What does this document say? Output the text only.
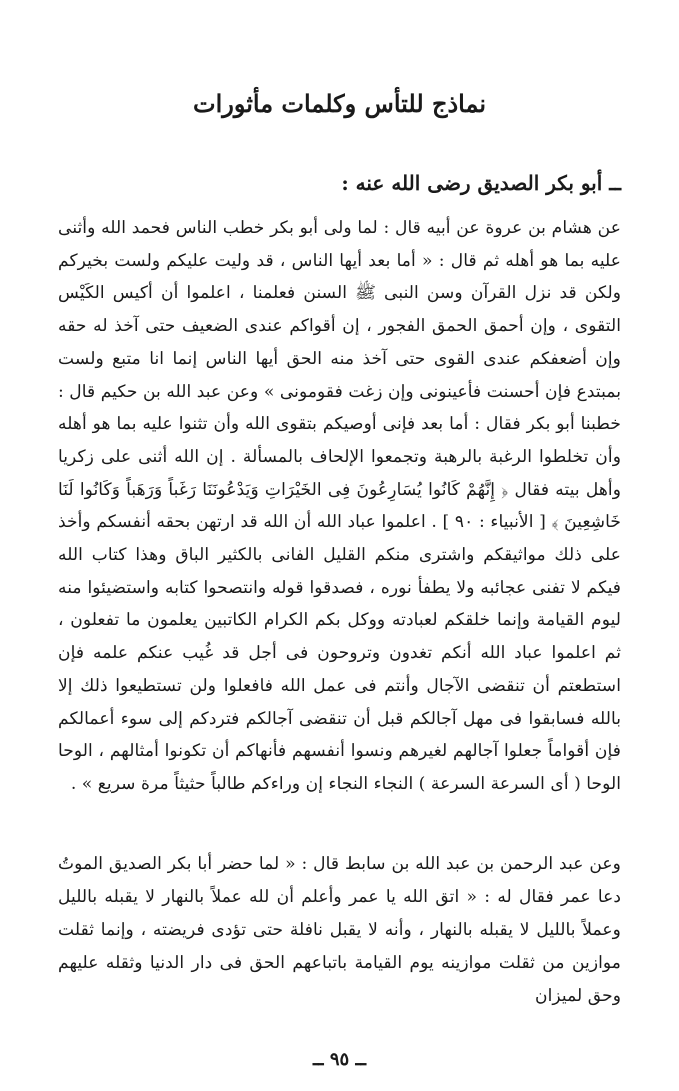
نماذج للتأس وكلمات مأثورات
ــ أبو بكر الصديق رضى الله عنه :
عن هشام بن عروة عن أبيه قال : لما ولى أبو بكر خطب الناس فحمد الله وأثنى عليه بما هو أهله ثم قال : « أما بعد أيها الناس ، قد وليت عليكم ولست بخيركم ولكن قد نزل القرآن وسن النبى ﷺ السنن فعلمنا ، اعلموا أن أكيس الكَيْس التقوى ، وإن أحمق الحمق الفجور ، إن أقواكم عندى الضعيف حتى آخذ له حقه وإن أضعفكم عندى القوى حتى آخذ منه الحق أيها الناس إنما انا متبع ولست بمبتدع فإن أحسنت فأعينونى وإن زغت فقومونى » وعن عبد الله بن حكيم قال : خطبنا أبو بكر فقال : أما بعد فإنى أوصيكم بتقوى الله وأن تثنوا عليه بما هو أهله وأن تخلطوا الرغبة بالرهبة وتجمعوا الإلحاف بالمسألة . إن الله أثنى على زكريا وأهل بيته فقال ﴿ إِنَّهُمْ كَانُوا يُسَارِعُونَ فِى الخَيْرَاتِ وَيَدْعُونَنَا رَغَباً وَرَهَباً وَكَانُوا لَنَا خَاشِعِينَ ﴾ [ الأنبياء : ٩٠ ] . اعلموا عباد الله أن الله قد ارتهن بحقه أنفسكم وأخذ على ذلك مواثيقكم واشترى منكم القليل الفانى بالكثير الباق وهذا كتاب الله فيكم لا تفنى عجائبه ولا يطفأ نوره ، فصدقوا قوله وانتصحوا كتابه واستضيئوا منه ليوم القيامة وإنما خلقكم لعبادته ووكل بكم الكرام الكاتبين يعلمون ما تفعلون ، ثم اعلموا عباد الله أنكم تغدون وتروحون فى أجل قد غُيب عنكم علمه فإن استطعتم أن تنقضى الآجال وأنتم فى عمل الله فافعلوا ولن تستطيعوا ذلك إلا بالله فسابقوا فى مهل آجالكم قبل أن تنقضى آجالكم فتردكم إلى سوء أعمالكم فإن أقواماً جعلوا آجالهم لغيرهم ونسوا أنفسهم فأنهاكم أن تكونوا أمثالهم ، الوحا الوحا ( أى السرعة السرعة ) النجاء النجاء إن وراءكم طالباً حثيثاً مرة سريع » .
وعن عبد الرحمن بن عبد الله بن سابط قال : « لما حضر أبا بكر الصديق الموتُ دعا عمر فقال له : « اتق الله يا عمر وأعلم أن لله عملاً بالنهار لا يقبله بالليل وعملاً بالليل لا يقبله بالنهار ، وأنه لا يقبل نافلة حتى تؤدى فريضته ، وإنما ثقلت موازين من ثقلت موازينه يوم القيامة باتباعهم الحق فى دار الدنيا وثقله عليهم وحق لميزان
ــ ٩٥ ــ
